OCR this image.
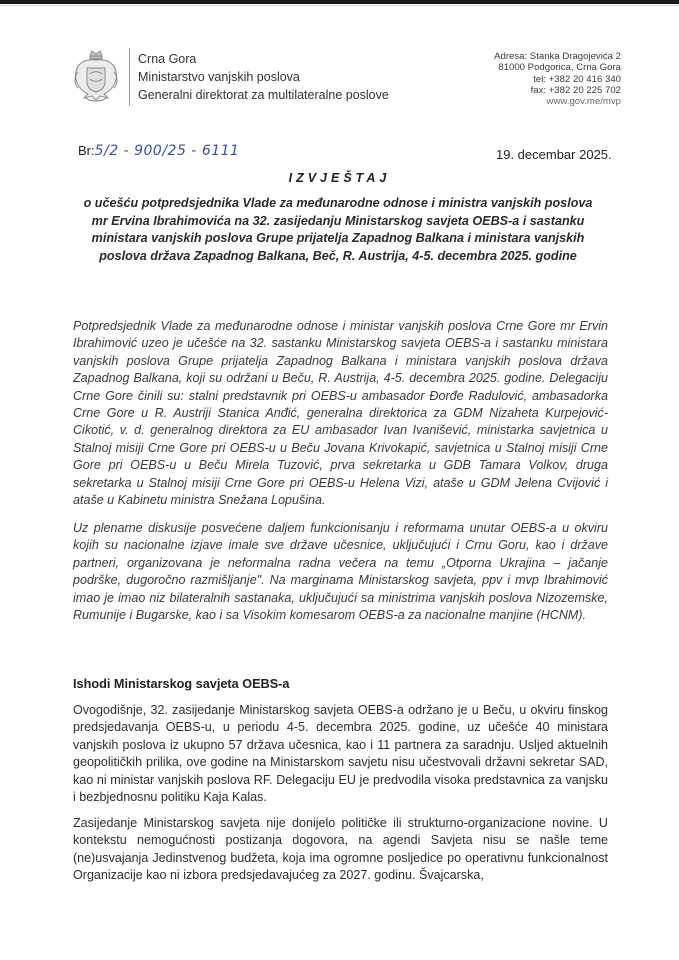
Crna Gora
Ministarstvo vanjskih poslova
Generalni direktorat za multilateralne poslove
Adresa: Stanka Dragojevića 2
81000 Podgorica, Crna Gora
tel: +382 20 416 340
fax: +382 20 225 702
www.gov.me/mvp
Br:5/2 - 900/25 - 6111	19. decembar 2025.
IZVJEŠTAJ
o učešću potpredsjednika Vlade za međunarodne odnose i ministra vanjskih poslova mr Ervina Ibrahimovića na 32. zasijedanju Ministarskog savjeta OEBS-a i sastanku ministara vanjskih poslova Grupe prijatelja Zapadnog Balkana i ministara vanjskih poslova država Zapadnog Balkana, Beč, R. Austrija, 4-5. decembra 2025. godine
Potpredsjednik Vlade za međunarodne odnose i ministar vanjskih poslova Crne Gore mr Ervin Ibrahimović uzeo je učešće na 32. sastanku Ministarskog savjeta OEBS-a i sastanku ministara vanjskih poslova Grupe prijatelja Zapadnog Balkana i ministara vanjskih poslova država Zapadnog Balkana, koji su održani u Beču, R. Austrija, 4-5. decembra 2025. godine. Delegaciju Crne Gore činili su: stalni predstavnik pri OEBS-u ambasador Đorđe Radulović, ambasadorka Crne Gore u R. Austriji Stanica Anđić, generalna direktorica za GDM Nizaheta Kurpejović-Cikotić, v. d. generalnog direktora za EU ambasador Ivan Ivanišević, ministarka savjetnica u Stalnoj misiji Crne Gore pri OEBS-u u Beču Jovana Krivokapić, savjetnica u Stalnoj misiji Crne Gore pri OEBS-u u Beču Mirela Tuzović, prva sekretarka u GDB Tamara Volkov, druga sekretarka u Stalnoj misiji Crne Gore pri OEBS-u Helena Vizi, ataše u GDM Jelena Cvijović i ataše u Kabinetu ministra Snežana Lopušina.
Uz plenarne diskusije posvećene daljem funkcionisanju i reformama unutar OEBS-a u okviru kojih su nacionalne izjave imale sve države učesnice, uključujući i Crnu Goru, kao i države partneri, organizovana je neformalna radna večera na temu „Otporna Ukrajina – jačanje podrške, dugoročno razmišljanje". Na marginama Ministarskog savjeta, ppv i mvp Ibrahimović imao je imao niz bilateralnih sastanaka, uključujući sa ministrima vanjskih poslova Nizozemske, Rumunije i Bugarske, kao i sa Visokim komesarom OEBS-a za nacionalne manjine (HCNM).
Ishodi Ministarskog savjeta OEBS-a
Ovogodišnje, 32. zasijedanje Ministarskog savjeta OEBS-a održano je u Beču, u okviru finskog predsjedavanja OEBS-u, u periodu 4-5. decembra 2025. godine, uz učešće 40 ministara vanjskih poslova iz ukupno 57 država učesnica, kao i 11 partnera za saradnju. Usljed aktuelnih geopolitičkih prilika, ove godine na Ministarskom savjetu nisu učestvovali državni sekretar SAD, kao ni ministar vanjskih poslova RF. Delegaciju EU je predvodila visoka predstavnica za vanjsku i bezbjednosnu politiku Kaja Kalas.
Zasijedanje Ministarskog savjeta nije donijelo političke ili strukturno-organizacione novine. U kontekstu nemogućnosti postizanja dogovora, na agendi Savjeta nisu se našle teme (ne)usvajanja Jedinstvenog budžeta, koja ima ogromne posljedice po operativnu funkcionalnost Organizacije kao ni izbora predsjedavajućeg za 2027. godinu. Švajcarska,
